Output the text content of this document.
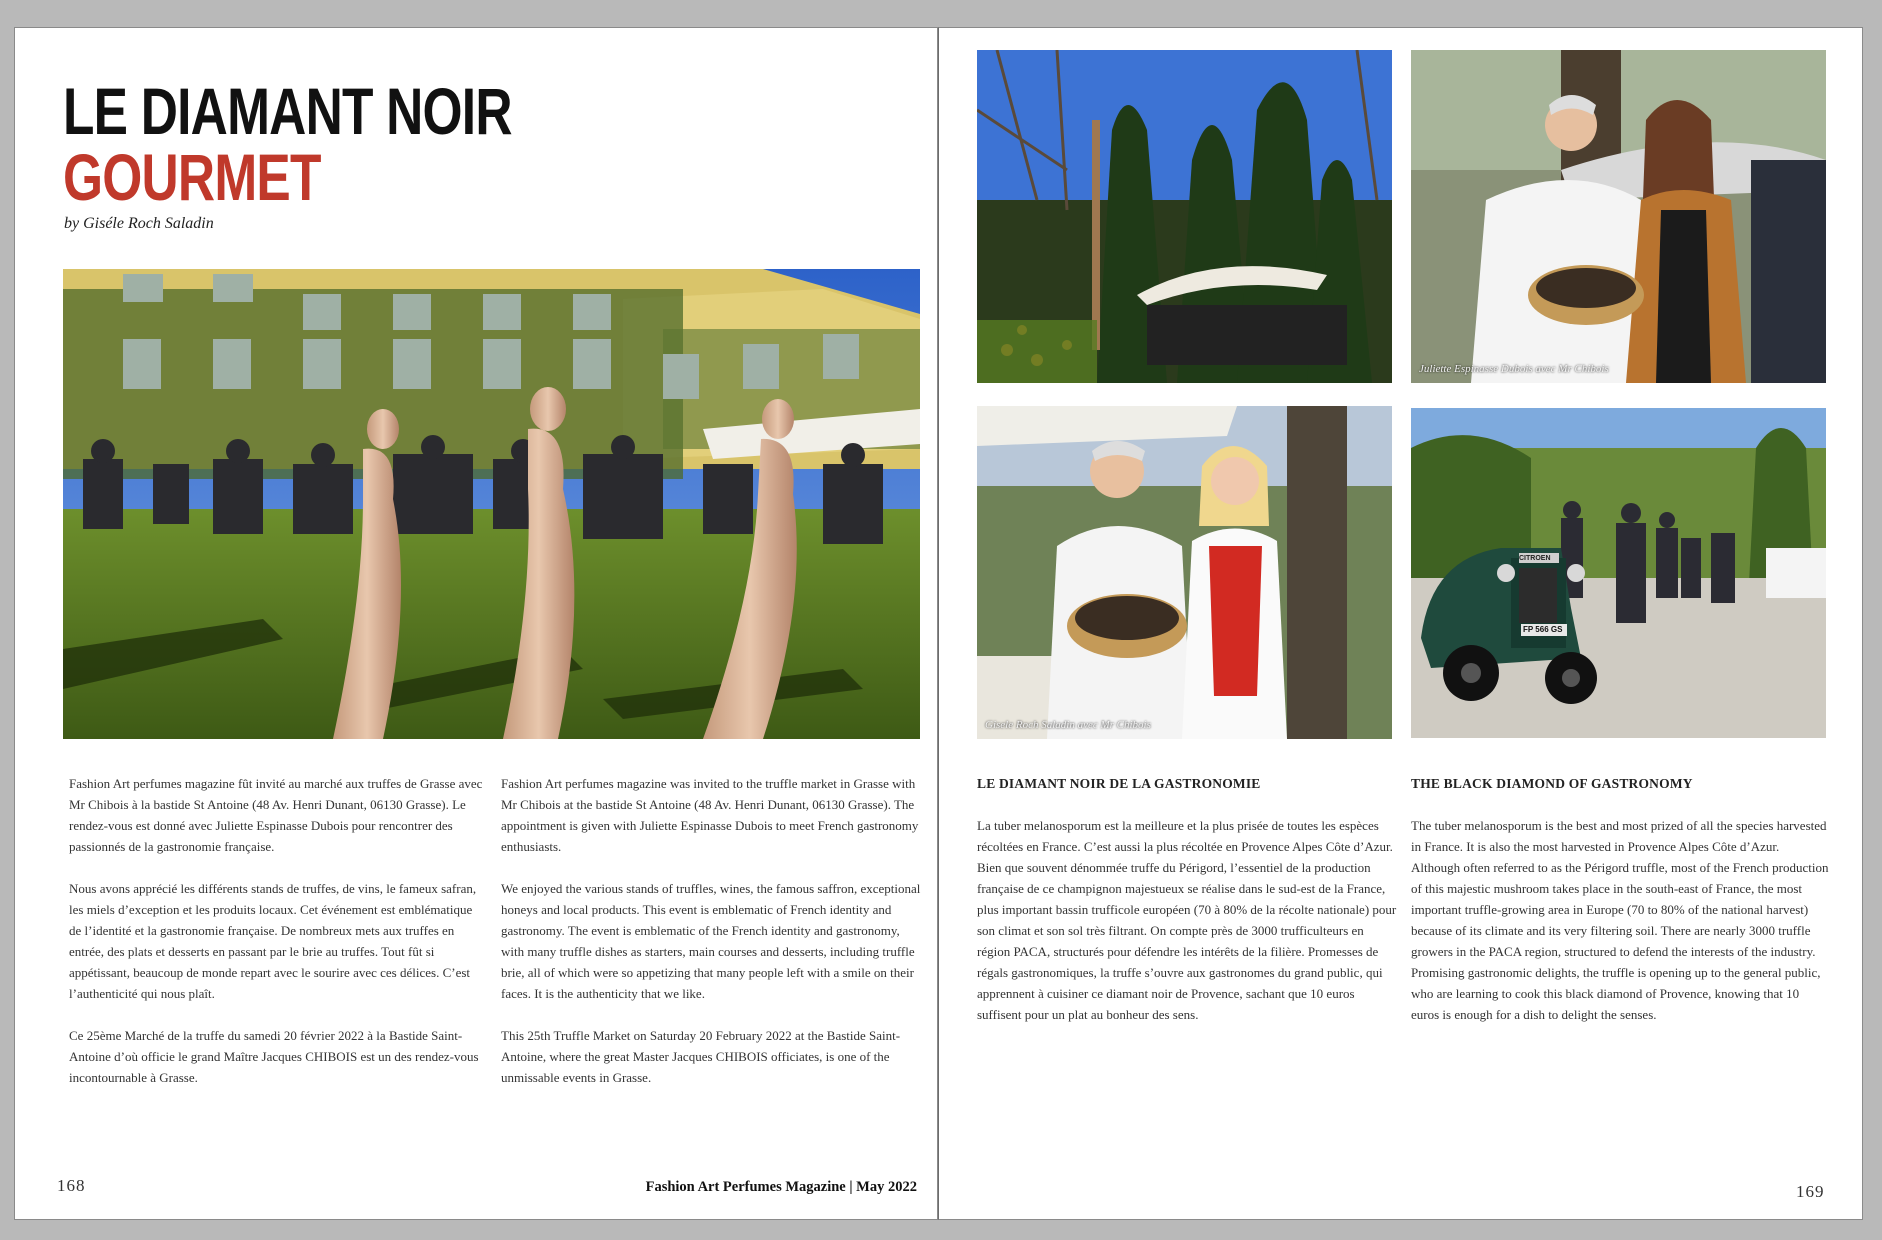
LE DIAMANT NOIR
GOURMET
by Giséle Roch Saladin

Fashion Art perfumes magazine fût invité au marché aux truffes de Grasse avec Mr Chibois à la bastide St Antoine (48 Av. Henri Dunant, 06130 Grasse). Le rendez-vous est donné avec Juliette Espinasse Dubois pour rencontrer des passionnés de la gastronomie française.

Nous avons apprécié les différents stands de truffes, de vins, le fameux safran, les miels d’exception et les produits locaux. Cet événement est emblématique de l’identité et la gastronomie française. De nombreux mets aux truffes en entrée, des plats et desserts en passant par le brie au truffes. Tout fût si appétissant, beaucoup de monde repart avec le sourire avec ces délices. C’est l’authenticité qui nous plaît.

Ce 25ème Marché de la truffe du samedi 20 février 2022 à la Bastide Saint-Antoine d’où officie le grand Maître Jacques CHIBOIS est un des rendez-vous incontournable à Grasse.

Fashion Art perfumes magazine was invited to the truffle market in Grasse with Mr Chibois at the bastide St Antoine (48 Av. Henri Dunant, 06130 Grasse). The appointment is given with Juliette Espinasse Dubois to meet French gastronomy enthusiasts.

We enjoyed the various stands of truffles, wines, the famous saffron, exceptional honeys and local products. This event is emblematic of French identity and gastronomy. The event is emblematic of the French identity and gastronomy, with many truffle dishes as starters, main courses and desserts, including truffle brie, all of which were so appetizing that many people left with a smile on their faces. It is the authenticity that we like.

This 25th Truffle Market on Saturday 20 February 2022 at the Bastide Saint-Antoine, where the great Master Jacques CHIBOIS officiates, is one of the unmissable events in Grasse.

168	Fashion Art Perfumes Magazine | May 2022
Juliette Espinasse Dubois avec Mr Chibois
Gisele Roch Saladin avec Mr Chibois
CITROEN
FP 566 GS
LE DIAMANT NOIR DE LA GASTRONOMIE

La tuber melanosporum est la meilleure et la plus prisée de toutes les espèces récoltées en France. C’est aussi la plus récoltée en Provence Alpes Côte d’Azur. Bien que souvent dénommée truffe du Périgord, l’essentiel de la production française de ce champignon majestueux se réalise dans le sud-est de la France, plus important bassin trufficole européen (70 à 80% de la récolte nationale) pour son climat et son sol très filtrant. On compte près de 3000 trufficulteurs en région PACA, structurés pour défendre les intérêts de la filière. Promesses de régals gastronomiques, la truffe s’ouvre aux gastronomes du grand public, qui apprennent à cuisiner ce diamant noir de Provence, sachant que 10 euros suffisent pour un plat au bonheur des sens.

THE BLACK DIAMOND OF GASTRONOMY

The tuber melanosporum is the best and most prized of all the species harvested in France. It is also the most harvested in Provence Alpes Côte d’Azur. Although often referred to as the Périgord truffle, most of the French production of this majestic mushroom takes place in the south-east of France, the most important truffle-growing area in Europe (70 to 80% of the national harvest) because of its climate and its very filtering soil. There are nearly 3000 truffle growers in the PACA region, structured to defend the interests of the industry. Promising gastronomic delights, the truffle is opening up to the general public, who are learning to cook this black diamond of Provence, knowing that 10 euros is enough for a dish to delight the senses.

169
